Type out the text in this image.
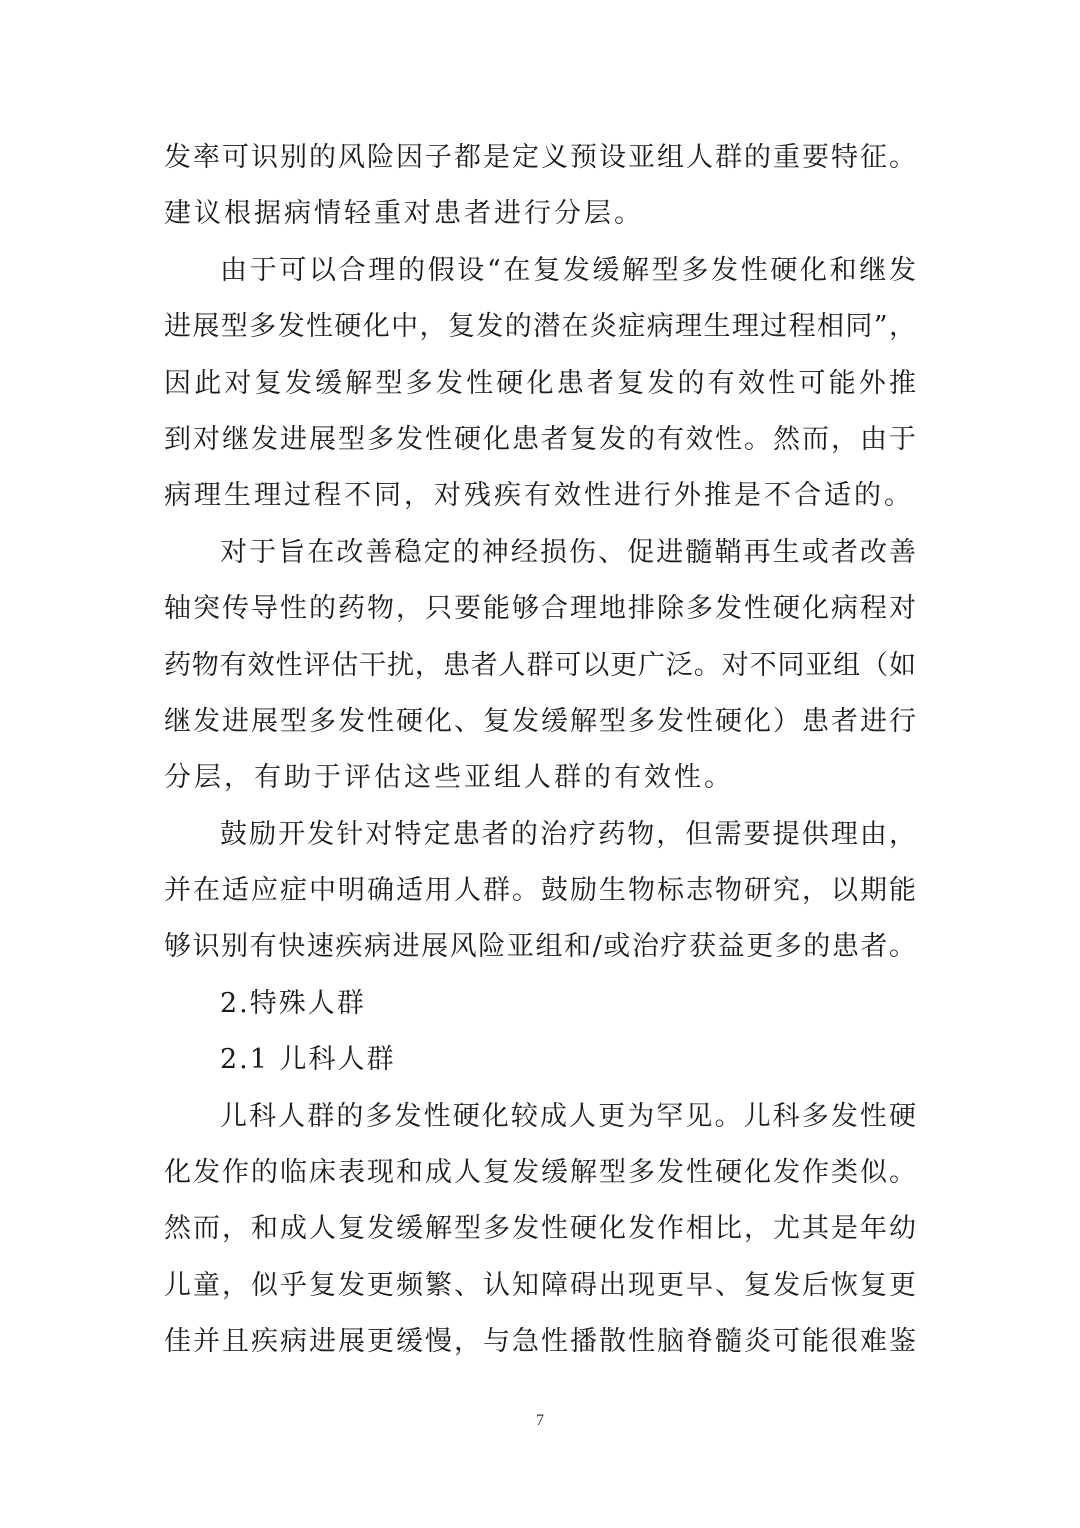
发率可识别的风险因子都是定义预设亚组人群的重要特征。
建议根据病情轻重对患者进行分层。
由于可以合理的假设“在复发缓解型多发性硬化和继发
进展型多发性硬化中，复发的潜在炎症病理生理过程相同”，
因此对复发缓解型多发性硬化患者复发的有效性可能外推
到对继发进展型多发性硬化患者复发的有效性。然而，由于
病理生理过程不同，对残疾有效性进行外推是不合适的。
对于旨在改善稳定的神经损伤、促进髓鞘再生或者改善
轴突传导性的药物，只要能够合理地排除多发性硬化病程对
药物有效性评估干扰，患者人群可以更广泛。对不同亚组（如
继发进展型多发性硬化、复发缓解型多发性硬化）患者进行
分层，有助于评估这些亚组人群的有效性。
鼓励开发针对特定患者的治疗药物，但需要提供理由，
并在适应症中明确适用人群。鼓励生物标志物研究，以期能
够识别有快速疾病进展风险亚组和/或治疗获益更多的患者。
2.特殊人群
2.1 儿科人群
儿科人群的多发性硬化较成人更为罕见。儿科多发性硬
化发作的临床表现和成人复发缓解型多发性硬化发作类似。
然而，和成人复发缓解型多发性硬化发作相比，尤其是年幼
儿童，似乎复发更频繁、认知障碍出现更早、复发后恢复更
佳并且疾病进展更缓慢，与急性播散性脑脊髓炎可能很难鉴
7
